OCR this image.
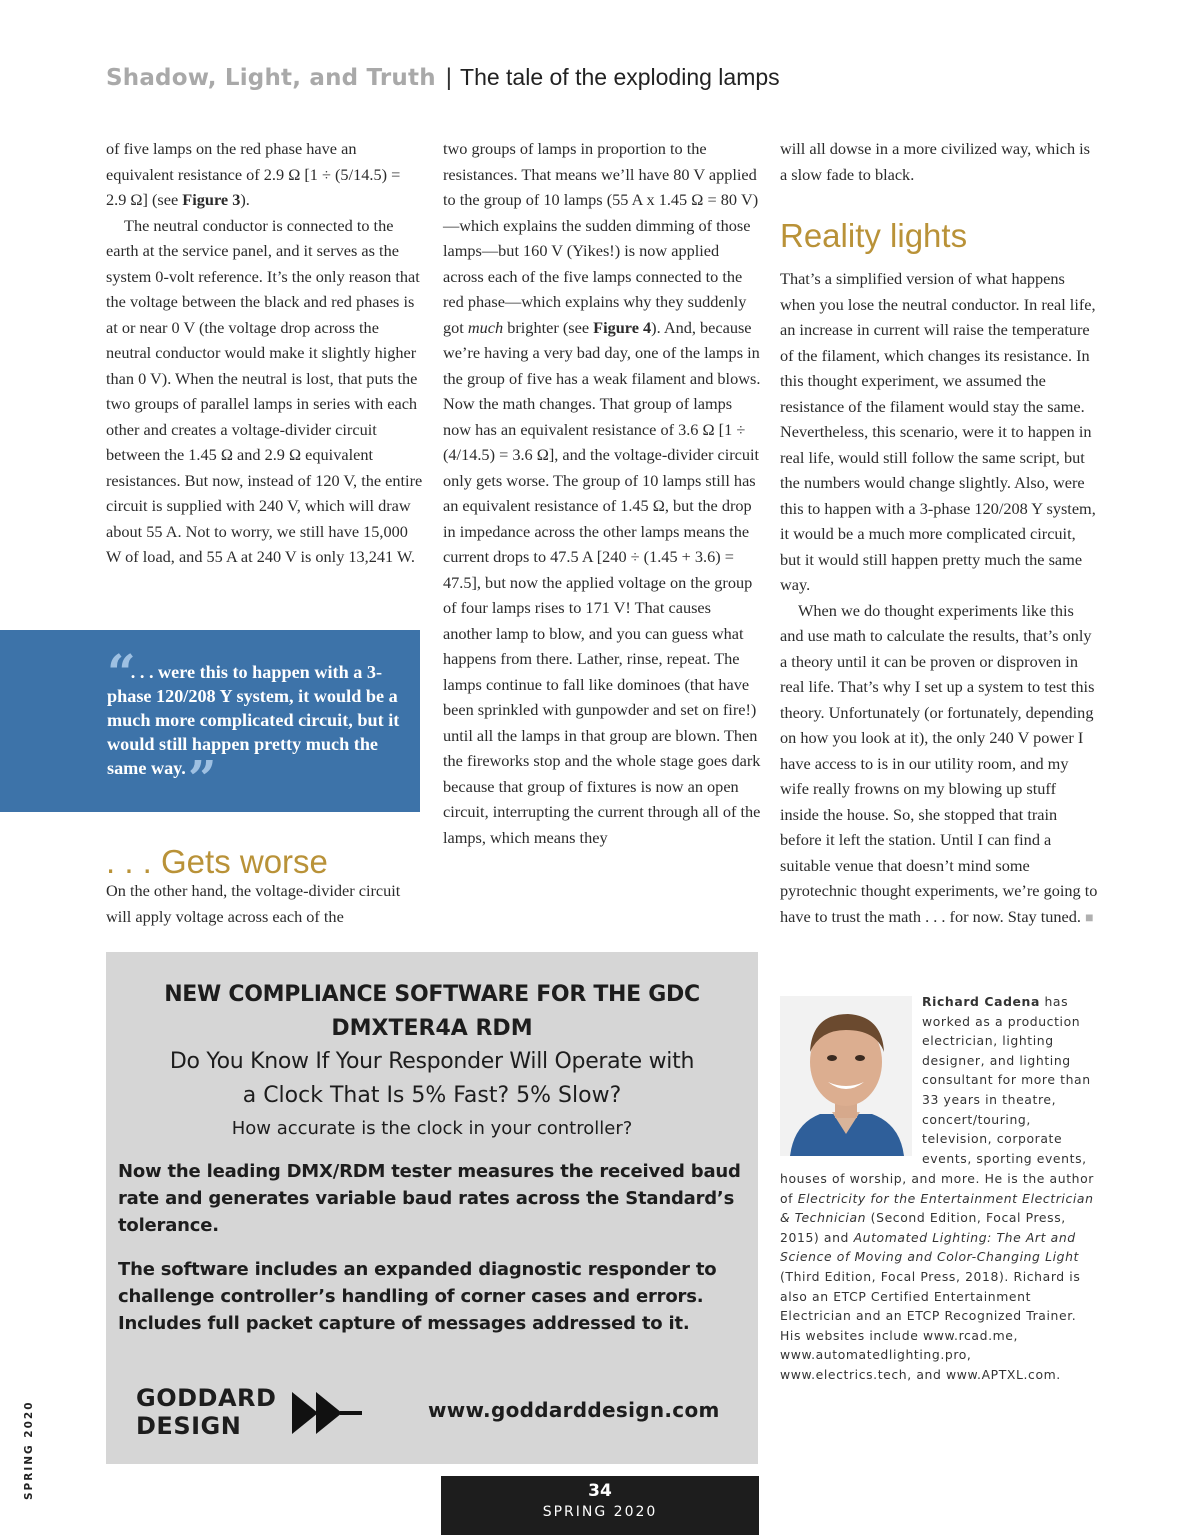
Shadow, Light, and Truth | The tale of the exploding lamps

of five lamps on the red phase have an equivalent resistance of 2.9 Ω [1 ÷ (5/14.5) = 2.9 Ω] (see Figure 3).

The neutral conductor is connected to the earth at the service panel, and it serves as the system 0-volt reference. It’s the only reason that the voltage between the black and red phases is at or near 0 V (the voltage drop across the neutral conductor would make it slightly higher than 0 V). When the neutral is lost, that puts the two groups of parallel lamps in series with each other and creates a voltage-divider circuit between the 1.45 Ω and 2.9 Ω equivalent resistances. But now, instead of 120 V, the entire circuit is supplied with 240 V, which will draw about 55 A. Not to worry, we still have 15,000 W of load, and 55 A at 240 V is only 13,241 W.

“ . . . were this to happen with a 3-phase 120/208 Y system, it would be a much more complicated circuit, but it would still happen pretty much the same way.”
. . . Gets worse

On the other hand, the voltage-divider circuit will apply voltage across each of the

two groups of lamps in proportion to the resistances. That means we’ll have 80 V applied to the group of 10 lamps (55 A x 1.45 Ω = 80 V)—which explains the sudden dimming of those lamps—but 160 V (Yikes!) is now applied across each of the five lamps connected to the red phase—which explains why they suddenly got much brighter (see Figure 4). And, because we’re having a very bad day, one of the lamps in the group of five has a weak filament and blows. Now the math changes. That group of lamps now has an equivalent resistance of 3.6 Ω [1 ÷ (4/14.5) = 3.6 Ω], and the voltage-divider circuit only gets worse. The group of 10 lamps still has an equivalent resistance of 1.45 Ω, but the drop in impedance across the other lamps means the current drops to 47.5 A [240 ÷ (1.45 + 3.6) = 47.5], but now the applied voltage on the group of four lamps rises to 171 V! That causes another lamp to blow, and you can guess what happens from there. Lather, rinse, repeat. The lamps continue to fall like dominoes (that have been sprinkled with gunpowder and set on fire!) until all the lamps in that group are blown. Then the fireworks stop and the whole stage goes dark because that group of fixtures is now an open circuit, interrupting the current through all of the lamps, which means they

will all dowse in a more civilized way, which is a slow fade to black.

That’s a simplified version of what happens when you lose the neutral conductor. In real life, an increase in current will raise the temperature of the filament, which changes its resistance. In this thought experiment, we assumed the resistance of the filament would stay the same. Nevertheless, this scenario, were it to happen in real life, would still follow the same script, but the numbers would change slightly. Also, were this to happen with a 3-phase 120/208 Y system, it would be a much more complicated circuit, but it would still happen pretty much the same way.

When we do thought experiments like this and use math to calculate the results, that’s only a theory until it can be proven or disproven in real life. That’s why I set up a system to test this theory. Unfortunately (or fortunately, depending on how you look at it), the only 240 V power I have access to is in our utility room, and my wife really frowns on my blowing up stuff inside the house. So, she stopped that train before it left the station. Until I can find a suitable venue that doesn’t mind some pyrotechnic thought experiments, we’re going to have to trust the math . . . for now. Stay tuned. ■

Reality lights
NEW COMPLIANCE SOFTWARE FOR THE GDC
DMXTER4A RDM
Do You Know If Your Responder Will Operate with
a Clock That Is 5% Fast? 5% Slow?
How accurate is the clock in your controller?
Now the leading DMX/RDM tester measures the received baud rate and generates variable baud rates across the Standard’s tolerance.
The software includes an expanded diagnostic responder to challenge controller’s handling of corner cases and errors. Includes full packet capture of messages addressed to it.
GODDARD
DESIGN
www.goddarddesign.com
Richard Cadena has worked as a production electrician, lighting designer, and lighting consultant for more than 33 years in theatre, concert/touring, television, corporate events, sporting events,
houses of worship, and more. He is the author of Electricity for the Entertainment Electrician & Technician (Second Edition, Focal Press, 2015) and Automated Lighting: The Art and Science of Moving and Color-Changing Light (Third Edition, Focal Press, 2018). Richard is also an ETCP Certified Entertainment Electrician and an ETCP Recognized Trainer. His websites include www.rcad.me, www.automatedlighting.pro, www.electrics.tech, and www.APTXL.com.
34
SPRING 2020
SPRING 2020
